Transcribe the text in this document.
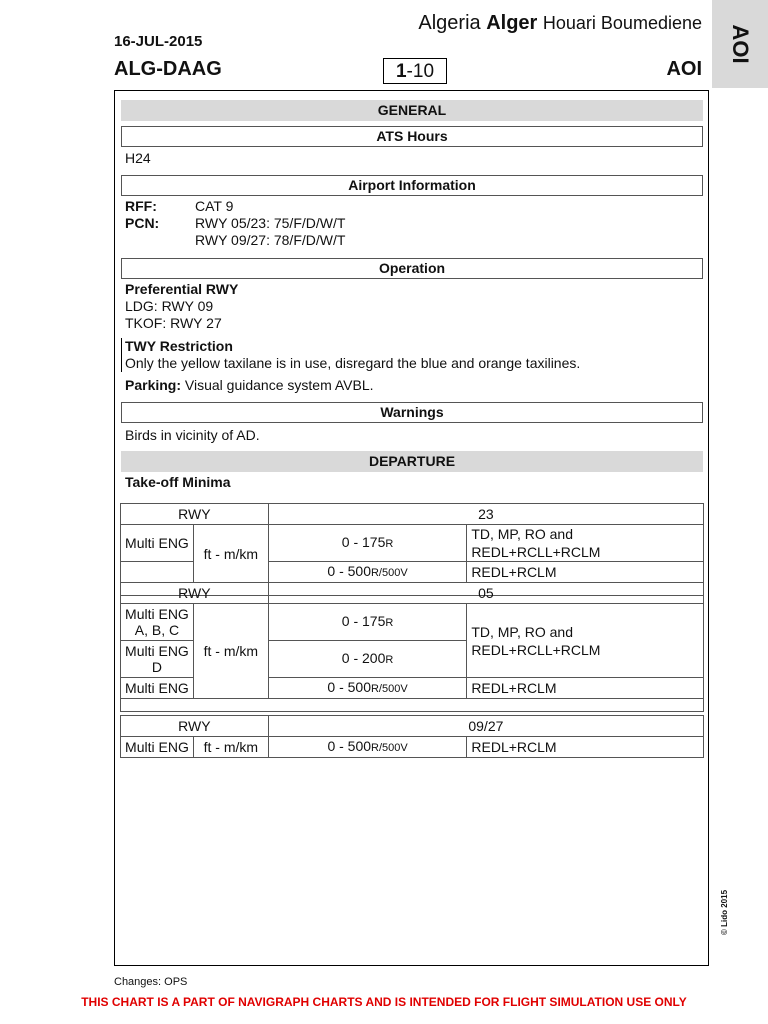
16-JUL-2015
ALG-DAAG
Algeria Alger Houari Boumediene
1-10	AOI
AOI
GENERAL
ATS Hours
H24
Airport Information
RFF:	CAT 9
PCN:	RWY 05/23: 75/F/D/W/T
RWY 09/27: 78/F/D/W/T
Operation
Preferential RWY
LDG: RWY 09
TKOF: RWY 27
TWY Restriction
Only the yellow taxilane is in use, disregard the blue and orange taxilines.
Parking: Visual guidance system AVBL.
Warnings
Birds in vicinity of AD.
DEPARTURE
Take-off Minima
RWY		23	
Multi ENG	ft - m/km	0 - 175R	TD, MP, RO and REDL+RCLL+RCLM
		0 - 500R/500V	REDL+RCLM

RWY		05	
Multi ENG A, B, C	ft - m/km	0 - 175R	TD, MP, RO and REDL+RCLL+RCLM
Multi ENG D		0 - 200R	
Multi ENG		0 - 500R/500V	REDL+RCLM

RWY		09/27	
Multi ENG	ft - m/km	0 - 500R/500V	REDL+RCLM
© Lido 2015
Changes: OPS
THIS CHART IS A PART OF NAVIGRAPH CHARTS AND IS INTENDED FOR FLIGHT SIMULATION USE ONLY
